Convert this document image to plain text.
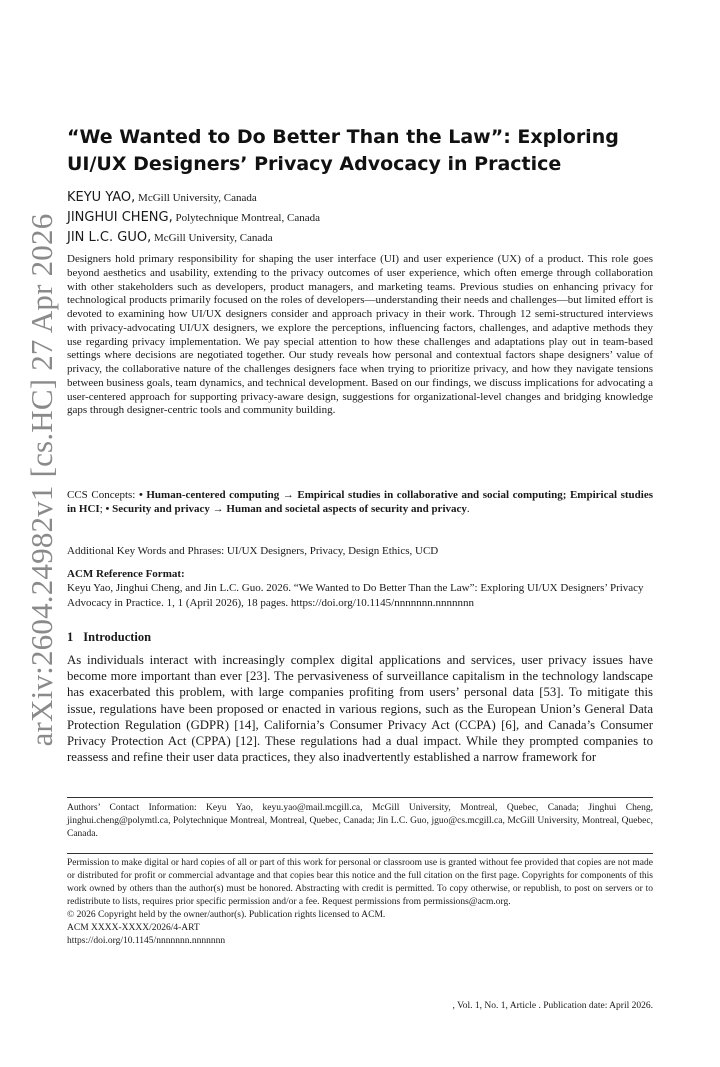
arXiv:2604.24982v1 [cs.HC] 27 Apr 2026
“We Wanted to Do Better Than the Law”: Exploring UI/UX Designers’ Privacy Advocacy in Practice
KEYU YAO, McGill University, Canada
JINGHUI CHENG, Polytechnique Montreal, Canada
JIN L.C. GUO, McGill University, Canada

Designers hold primary responsibility for shaping the user interface (UI) and user experience (UX) of a product. This role goes beyond aesthetics and usability, extending to the privacy outcomes of user experience, which often emerge through collaboration with other stakeholders such as developers, product managers, and marketing teams. Previous studies on enhancing privacy for technological products primarily focused on the roles of developers—understanding their needs and challenges—but limited effort is devoted to examining how UI/UX designers consider and approach privacy in their work. Through 12 semi-structured interviews with privacy-advocating UI/UX designers, we explore the perceptions, influencing factors, challenges, and adaptive methods they use regarding privacy implementation. We pay special attention to how these challenges and adaptations play out in team-based settings where decisions are negotiated together. Our study reveals how personal and contextual factors shape designers’ value of privacy, the collaborative nature of the challenges designers face when trying to prioritize privacy, and how they navigate tensions between business goals, team dynamics, and technical development. Based on our findings, we discuss implications for advocating a user-centered approach for supporting privacy-aware design, suggestions for organizational-level changes and bridging knowledge gaps through designer-centric tools and community building.

CCS Concepts: • Human-centered computing → Empirical studies in collaborative and social computing; Empirical studies in HCI; • Security and privacy → Human and societal aspects of security and privacy.

Additional Key Words and Phrases: UI/UX Designers, Privacy, Design Ethics, UCD

ACM Reference Format:

Keyu Yao, Jinghui Cheng, and Jin L.C. Guo. 2026. “We Wanted to Do Better Than the Law”: Exploring UI/UX Designers’ Privacy Advocacy in Practice. 1, 1 (April 2026), 18 pages. https://doi.org/10.1145/nnnnnnn.nnnnnnn

1 Introduction

As individuals interact with increasingly complex digital applications and services, user privacy issues have become more important than ever [23]. The pervasiveness of surveillance capitalism in the technology landscape has exacerbated this problem, with large companies profiting from users’ personal data [53]. To mitigate this issue, regulations have been proposed or enacted in various regions, such as the European Union’s General Data Protection Regulation (GDPR) [14], California’s Consumer Privacy Act (CCPA) [6], and Canada’s Consumer Privacy Protection Act (CPPA) [12]. These regulations had a dual impact. While they prompted companies to reassess and refine their user data practices, they also inadvertently established a narrow framework for

Authors’ Contact Information: Keyu Yao, keyu.yao@mail.mcgill.ca, McGill University, Montreal, Quebec, Canada; Jinghui Cheng, jinghui.cheng@polymtl.ca, Polytechnique Montreal, Montreal, Quebec, Canada; Jin L.C. Guo, jguo@cs.mcgill.ca, McGill University, Montreal, Quebec, Canada.

Permission to make digital or hard copies of all or part of this work for personal or classroom use is granted without fee provided that copies are not made or distributed for profit or commercial advantage and that copies bear this notice and the full citation on the first page. Copyrights for components of this work owned by others than the author(s) must be honored. Abstracting with credit is permitted. To copy otherwise, or republish, to post on servers or to redistribute to lists, requires prior specific permission and/or a fee. Request permissions from permissions@acm.org.

© 2026 Copyright held by the owner/author(s). Publication rights licensed to ACM.

ACM XXXX-XXXX/2026/4-ART

https://doi.org/10.1145/nnnnnnn.nnnnnnn

, Vol. 1, No. 1, Article . Publication date: April 2026.
